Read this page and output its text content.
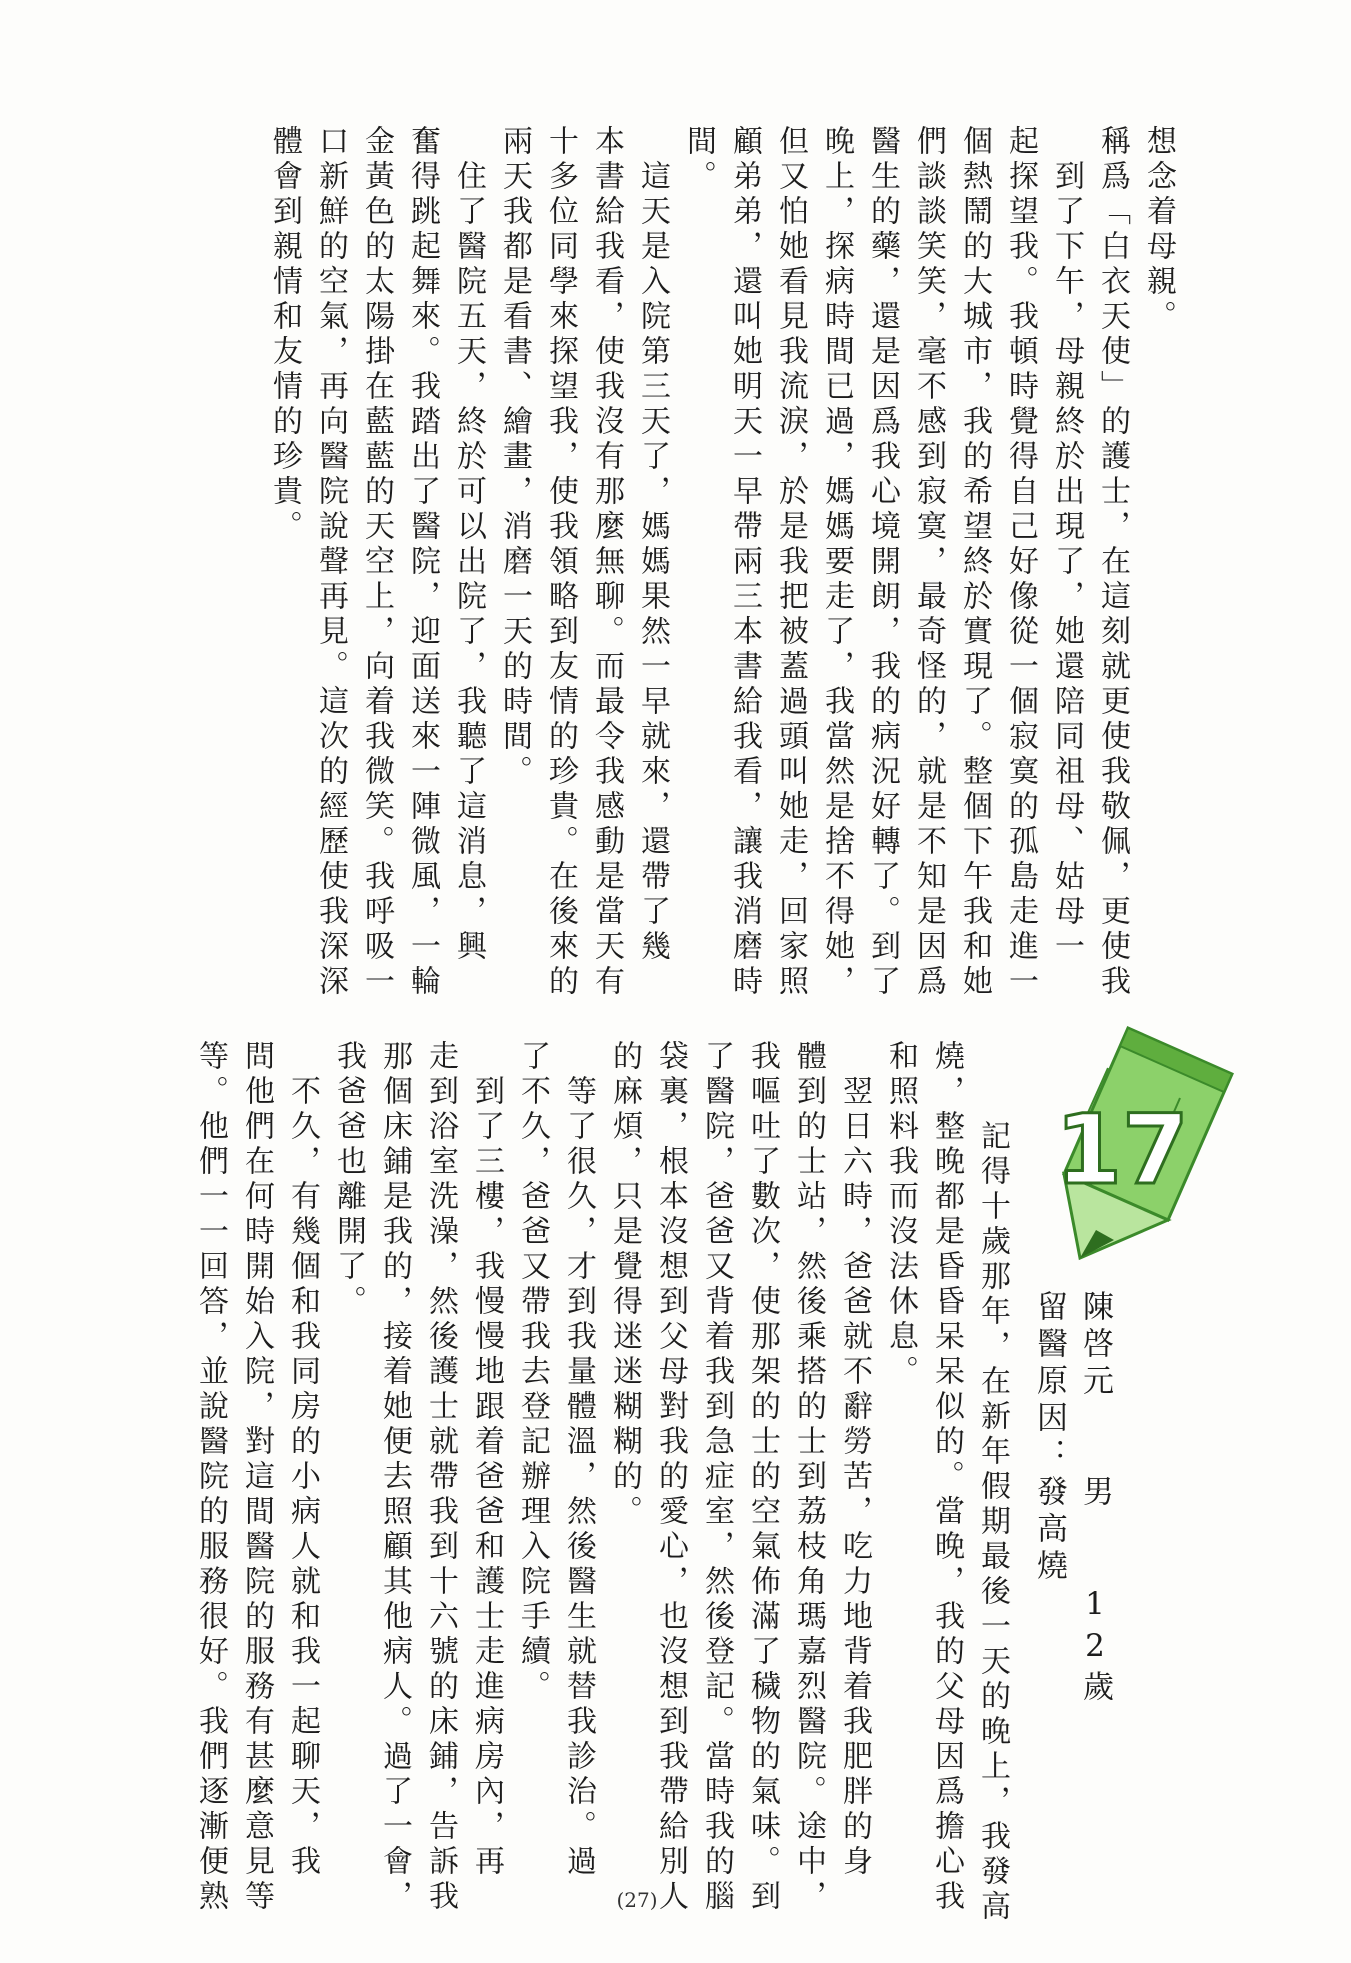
想念着母親。
稱爲「白衣天使」的護士，在這刻就更使我敬佩，更使我
　到了下午，母親終於出現了，她還陪同祖母、姑母一
起探望我。我頓時覺得自己好像從一個寂寞的孤島走進一
個熱鬧的大城市，我的希望終於實現了。整個下午我和她
們談談笑笑，毫不感到寂寞，最奇怪的，就是不知是因爲
醫生的藥，還是因爲我心境開朗，我的病況好轉了。到了
晚上，探病時間已過，媽媽要走了，我當然是捨不得她，
但又怕她看見我流淚，於是我把被蓋過頭叫她走，回家照
顧弟弟，還叫她明天一早帶兩三本書給我看，讓我消磨時
間。
　這天是入院第三天了，媽媽果然一早就來，還帶了幾
本書給我看，使我沒有那麼無聊。而最令我感動是當天有
十多位同學來探望我，使我領略到友情的珍貴。在後來的
兩天我都是看書、繪畫，消磨一天的時間。
　住了醫院五天，終於可以出院了，我聽了這消息，興
奮得跳起舞來。我踏出了醫院，迎面送來一陣微風，一輪
金黃色的太陽掛在藍藍的天空上，向着我微笑。我呼吸一
口新鮮的空氣，再向醫院說聲再見。這次的經歷使我深深
體會到親情和友情的珍貴。
17
陳啓元　　男　　12歲
留醫原因：發高燒
　記得十歲那年，在新年假期最後一天的晚上，我發高
燒，整晚都是昏昏呆呆似的。當晚，我的父母因爲擔心我
和照料我而沒法休息。
　翌日六時，爸爸就不辭勞苦，吃力地背着我肥胖的身
體到的士站，然後乘搭的士到荔枝角瑪嘉烈醫院。途中，
我嘔吐了數次，使那架的士的空氣佈滿了穢物的氣味。到
了醫院，爸爸又背着我到急症室，然後登記。當時我的腦
袋裏，根本沒想到父母對我的愛心，也沒想到我帶給別人
的麻煩，只是覺得迷迷糊糊的。
　等了很久，才到我量體溫，然後醫生就替我診治。過
了不久，爸爸又帶我去登記辦理入院手續。
　到了三樓，我慢慢地跟着爸爸和護士走進病房內，再
走到浴室洗澡，然後護士就帶我到十六號的床鋪，告訴我
那個床鋪是我的，接着她便去照顧其他病人。過了一會，
我爸爸也離開了。
　不久，有幾個和我同房的小病人就和我一起聊天，我
問他們在何時開始入院，對這間醫院的服務有甚麼意見等
等。他們一一回答，並說醫院的服務很好。我們逐漸便熟	(27)
